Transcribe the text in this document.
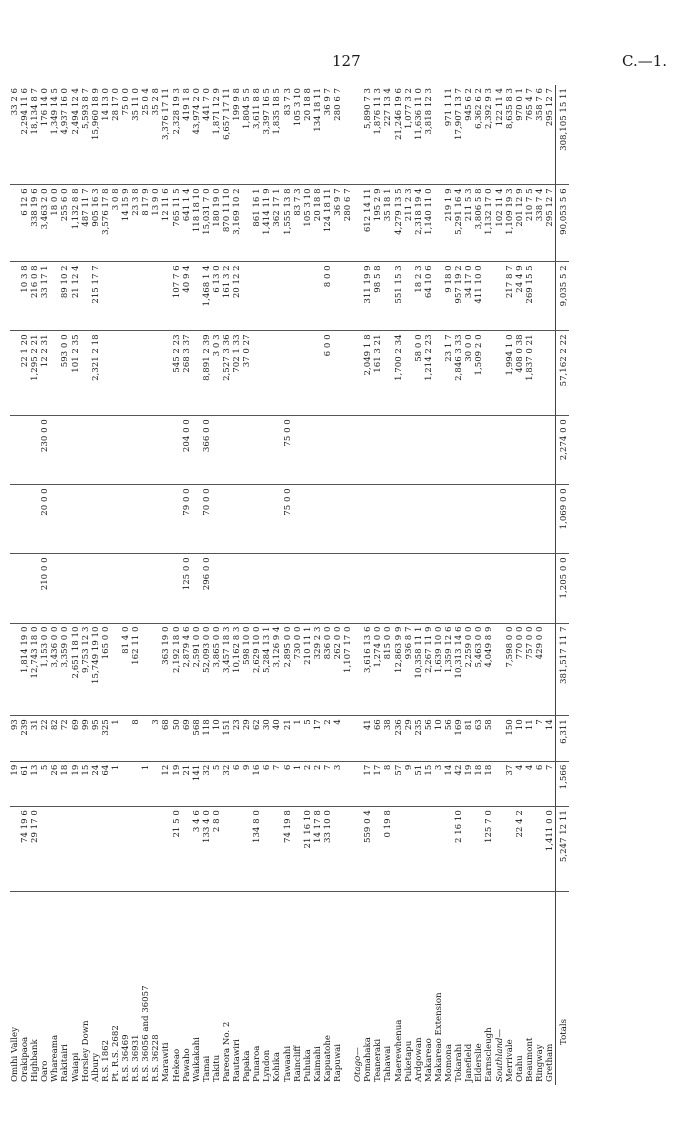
127	C.—1.
Omihi Valley		19	93								33 2 6
Orakipaoa	74 19 6	61	239	1,814 19 0				22 1 20	10 3 8	6 12 6	2,294 11 6
Highbank	29 17 0	13	31	12,743 18 0				1,295 2 21	216 0 8	338 19 6	18,134 8 7
Oaro		5	22	1,153 0 0	210 0 0	20 0 0	230 0 0	12 2 31	33 17 1	3,463 2 0	176 14 0
Whareama		26	82	3,436 0 0						18 0 0	1,349 14 5
Rakitairi		18	72	3,359 0 0				593 0 0	89 10 2	255 6 0	4,937 16 0
Waiapi		19	69	2,651 18 10				101 2 35	21 12 4	1,132 8 8	2,494 12 4
Horsley Down		15	99	9,753 12 3						487 11 7	5,593 8 7
Albury		24	95	15,749 19 10				2,321 2 18	215 17 7	905 16 3	15,960 18 9
R.S. 1862		64	325	165 0 0						3,576 17 8	14 13 0
Pt. R.S. 2682		1	1							3 0 8	28 17 0
R.S. 36469				81 4 0						14 15 9	75 0 0
R.S. 36931			8	162 11 0						23 3 8	35 11 0
R.S. 36056 and 36057		1								8 17 9	25 0 4
R.S. 36228			3							13 9 0	35 2 8
Marawiti		12	68	363 19 0						12 11 6	3,376 17 11
Hekeao	21 5 0	19	50	2,192 18 0				545 2 23	107 7 6	765 11 5	2,328 19 3
Pawaho		21	69	2,879 4 6	125 0 0	79 0 0	204 0 0	268 3 37	40 9 4	641 1 4	419 1 8
Waikakahi	3 4 6	141	568	2,591 0 0						118 18 10	43,974 2 0
Tamai	133 4 0	32	118	52,093 0 0	296 0 0	70 0 0	366 0 0	8,891 2 39	1,468 1 4	15,031 7 0	441 7 0
Takitu	2 8 0	5	10	3,865 0 0				3 0 3	6 13 0	180 19 0	1,871 12 9
Pareora No. 2		32	151	3,457 18 3				2,527 3 36	161 3 2	870 11 10	6,657 17 11
Rautawiri		6	23	10,162 8 3				702 1 33	20 12 2	3,169 10 2	199 9 8
Papaka		9	29	598 10 0				37 0 27			1,804 5 5
Punaroa	134 8 0	16	62	2,629 10 0						861 16 1	3,611 8 8
Lyndon		6	30	5,284 13 1						1,414 11 9	3,397 16 5
Kohika		7	40	3,126 9 4						362 17 1	1,835 18 5
Tawaahi	74 19 8	6	21	2,895 0 0		75 0 0	75 0 0			1,555 13 8	83 7 3
Raincliff		1	1	730 0 0						83 7 3	105 3 10
Puhuka	21 16 10	2	5	210 11 1						105 3 10	20 18 8
Kaimahi	14 17 8	2	17	329 2 3						20 18 8	134 18 11
Kapuatohe	33 10 0	7	2	836 0 0				6 0 0	8 0 0	124 18 11	36 9 7
Rapuwai		3	4	262 0 0						36 9 7	280 6 7
				1,107 17 0						280 6 7	
Otago—											
Pomahaka	559 0 4	17	41	3,616 13 6				2,049 1 8	311 19 9	612 14 11	5,890 7 3
Teaneraki		17	66	1,274 0 0				161 3 21	98 5 8	195 2 9	1,876 11 3
Tahawai	0 19 8	8	38	815 0 0						35 18 1	227 13 4
Maerewhenua		57	236	12,863 9 9				1,700 2 34	551 15 3	4,279 13 5	21,246 19 6
Puketapu		9	29	936 8 7						211 2 3	1,077 3 2
Ardgowan		51	235	10,358 11 1				58 0 0	18 2 3	2,318 19 4	11,636 11 0
Makareao		15	56	2,267 11 9				1,214 2 23	64 10 6	1,140 11 0	3,818 12 3
Makareao Extension		3	10	1,639 10 0							
Momona		14	56	1,359 12 6				23 1 7	9 18 0	219 1 9	971 1 11
Tokarahi	2 16 10	42	169	10,313 14 6				2,846 3 33	957 19 2	5,291 16 4	17,907 13 7
Janefield		19	81	2,259 0 0				30 0 0	34 17 0	211 5 3	945 6 2
Elderslie		18	63	5,463 0 0				1,509 2 0	411 10 0	3,806 5 8	6,362 6 2
Earnscleugh	125 7 0	18	58	4,049 8 9						1,132 17 0	2,392 9 3
Southland—										102 11 4	122 11 4
Merrivale		37	150	7,598 0 0				1,994 1 0	217 8 7	1,109 19 3	8,635 8 3
Otahu	22 4 2	4	10	770 0 0				408 0 38	24 4 9	201 12 9	970 0 1
Beaumont		4	11	757 0 0				1,837 0 21	269 15 5	210 7 5	765 4 7
Ringway		6	7	429 0 0						338 7 4	358 7 6
Gretham	1,411 0 0	7	14							295 12 7	295 12 7
Totals	5,247 12 11	1,566	6,311	381,517 11 7	1,205 0 0	1,069 0 0	2,274 0 0	57,162 2 22	9,035 5 2	90,053 5 6	308,105 15 11
